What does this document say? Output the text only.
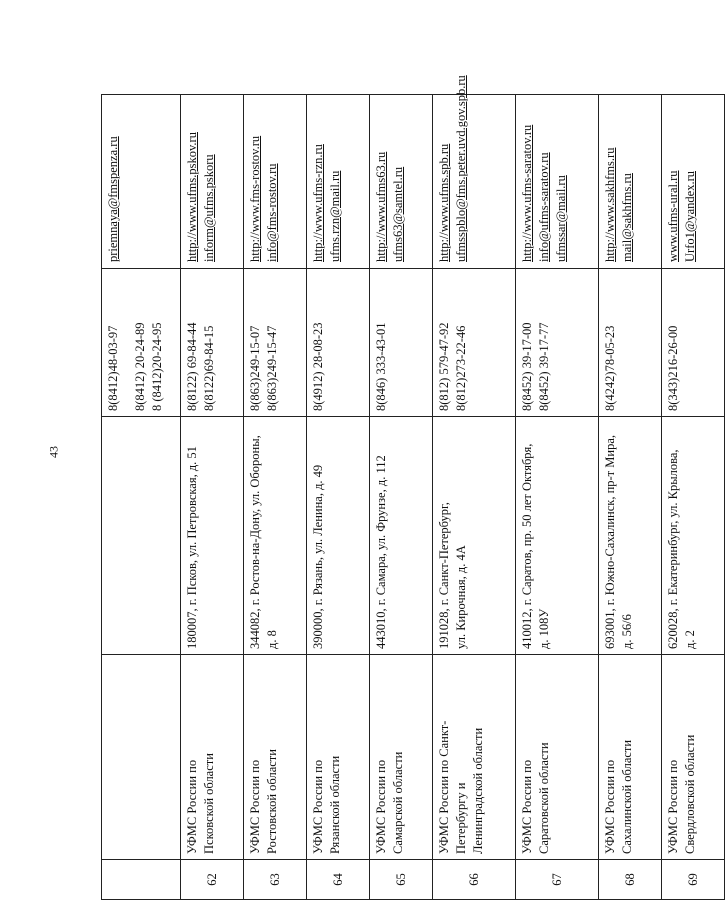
43

			8(8412)48-03-97 8(8412) 20-24-89 8 (8412)20-24-95	priemnaya@fmspenza.ru

62	УФМС России по Псковской области	180007, г. Псков, ул. Петровская, д. 51	8(8122) 69-84-44 8(8122)69-84-15	http://www.ufms.pskov.ru inform@ufms.pskoru

63	УФМС России по Ростовской области	344082, г. Ростов-на-Дону, ул. Обороны, д. 8	8(863)249-15-07 8(863)249-15-47	http://www.fms-rostov.ru info@fms-rostov.ru

64	УФМС России по Рязанской области	390000, г. Рязань, ул. Ленина, д. 49	8(4912) 28-08-23	http://www.ufms-rzn.ru ufms.rzn@mail.ru

65	УФМС России по Самарской области	443010, г. Самара, ул. Фрунзе, д. 112	8(846) 333-43-01	http://www.ufms63.ru ufms63@samtel.ru

66	УФМС России по Санкт- Петербургу и Ленинградской области	191028, г. Санкт-Петербург, ул. Кирочная, д. 4А	8(812) 579-47-92 8(812)273-22-46	http://www.ufms.spb.ru ufmsspblo@fms.peter.uvd.gov.spb.ru

67	УФМС России по Саратовской области	410012, г. Саратов, пр. 50 лет Октября, д. 108У	8(8452) 39-17-00 8(8452) 39-17-77	http://www.ufms-saratov.ru info@ufms-saratov.ru ufmssar@mail.ru

68	УФМС России по Сахалинской области	693001, г. Южно-Сахалинск, пр-т Мира, д. 56/6	8(4242)78-05-23	http://www.sakhfms.ru mail@sakhfms.ru

69	УФМС России по Свердловской области	620028, г. Екатеринбург, ул. Крылова, д. 2	8(343)216-26-00	www.ufms-ural.ru Urfo1@yandex.ru
